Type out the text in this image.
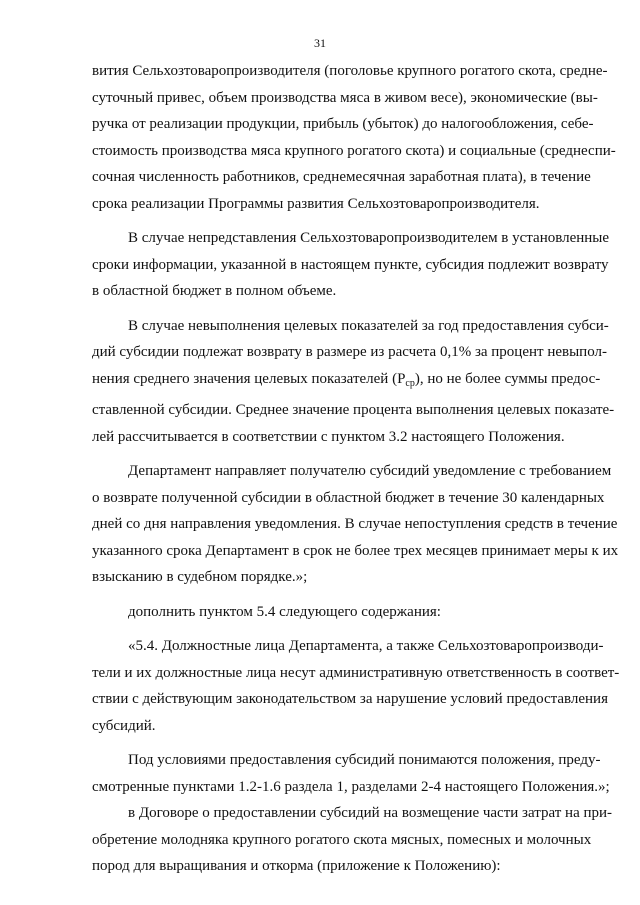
31
вития Сельхозтоваропроизводителя (поголовье крупного рогатого скота, средне-
суточный привес, объем производства мяса в живом весе), экономические (вы-
ручка от реализации продукции, прибыль (убыток) до налогообложения, себе-
стоимость производства мяса крупного рогатого скота) и социальные (среднеспи-
сочная численность работников, среднемесячная заработная плата), в течение
срока реализации Программы развития Сельхозтоваропроизводителя.
В случае непредставления Сельхозтоваропроизводителем в установленные
сроки информации, указанной в настоящем пункте, субсидия подлежит возврату
в областной бюджет в полном объеме.
В случае невыполнения целевых показателей за год предоставления субси-
дий субсидии подлежат возврату в размере из расчета 0,1% за процент невыпол-
нения среднего значения целевых показателей $(P_{ср})$, но не более суммы предос-
ставленной субсидии. Среднее значение процента выполнения целевых показате-
лей рассчитывается в соответствии с пунктом 3.2 настоящего Положения.
Департамент направляет получателю субсидий уведомление с требованием
о возврате полученной субсидии в областной бюджет в течение 30 календарных
дней со дня направления уведомления. В случае непоступления средств в течение
указанного срока Департамент в срок не более трех месяцев принимает меры к их
взысканию в судебном порядке.»;
дополнить пунктом 5.4 следующего содержания:
«5.4. Должностные лица Департамента, а также Сельхозтоваропроизводи-
тели и их должностные лица несут административную ответственность в соответ-
ствии с действующим законодательством за нарушение условий предоставления
субсидий.
Под условиями предоставления субсидий понимаются положения, преду-
смотренные пунктами 1.2-1.6 раздела 1, разделами 2-4 настоящего Положения.»;
в Договоре о предоставлении субсидий на возмещение части затрат на при-
обретение молодняка крупного рогатого скота мясных, помесных и молочных
пород для выращивания и откорма (приложение к Положению):
